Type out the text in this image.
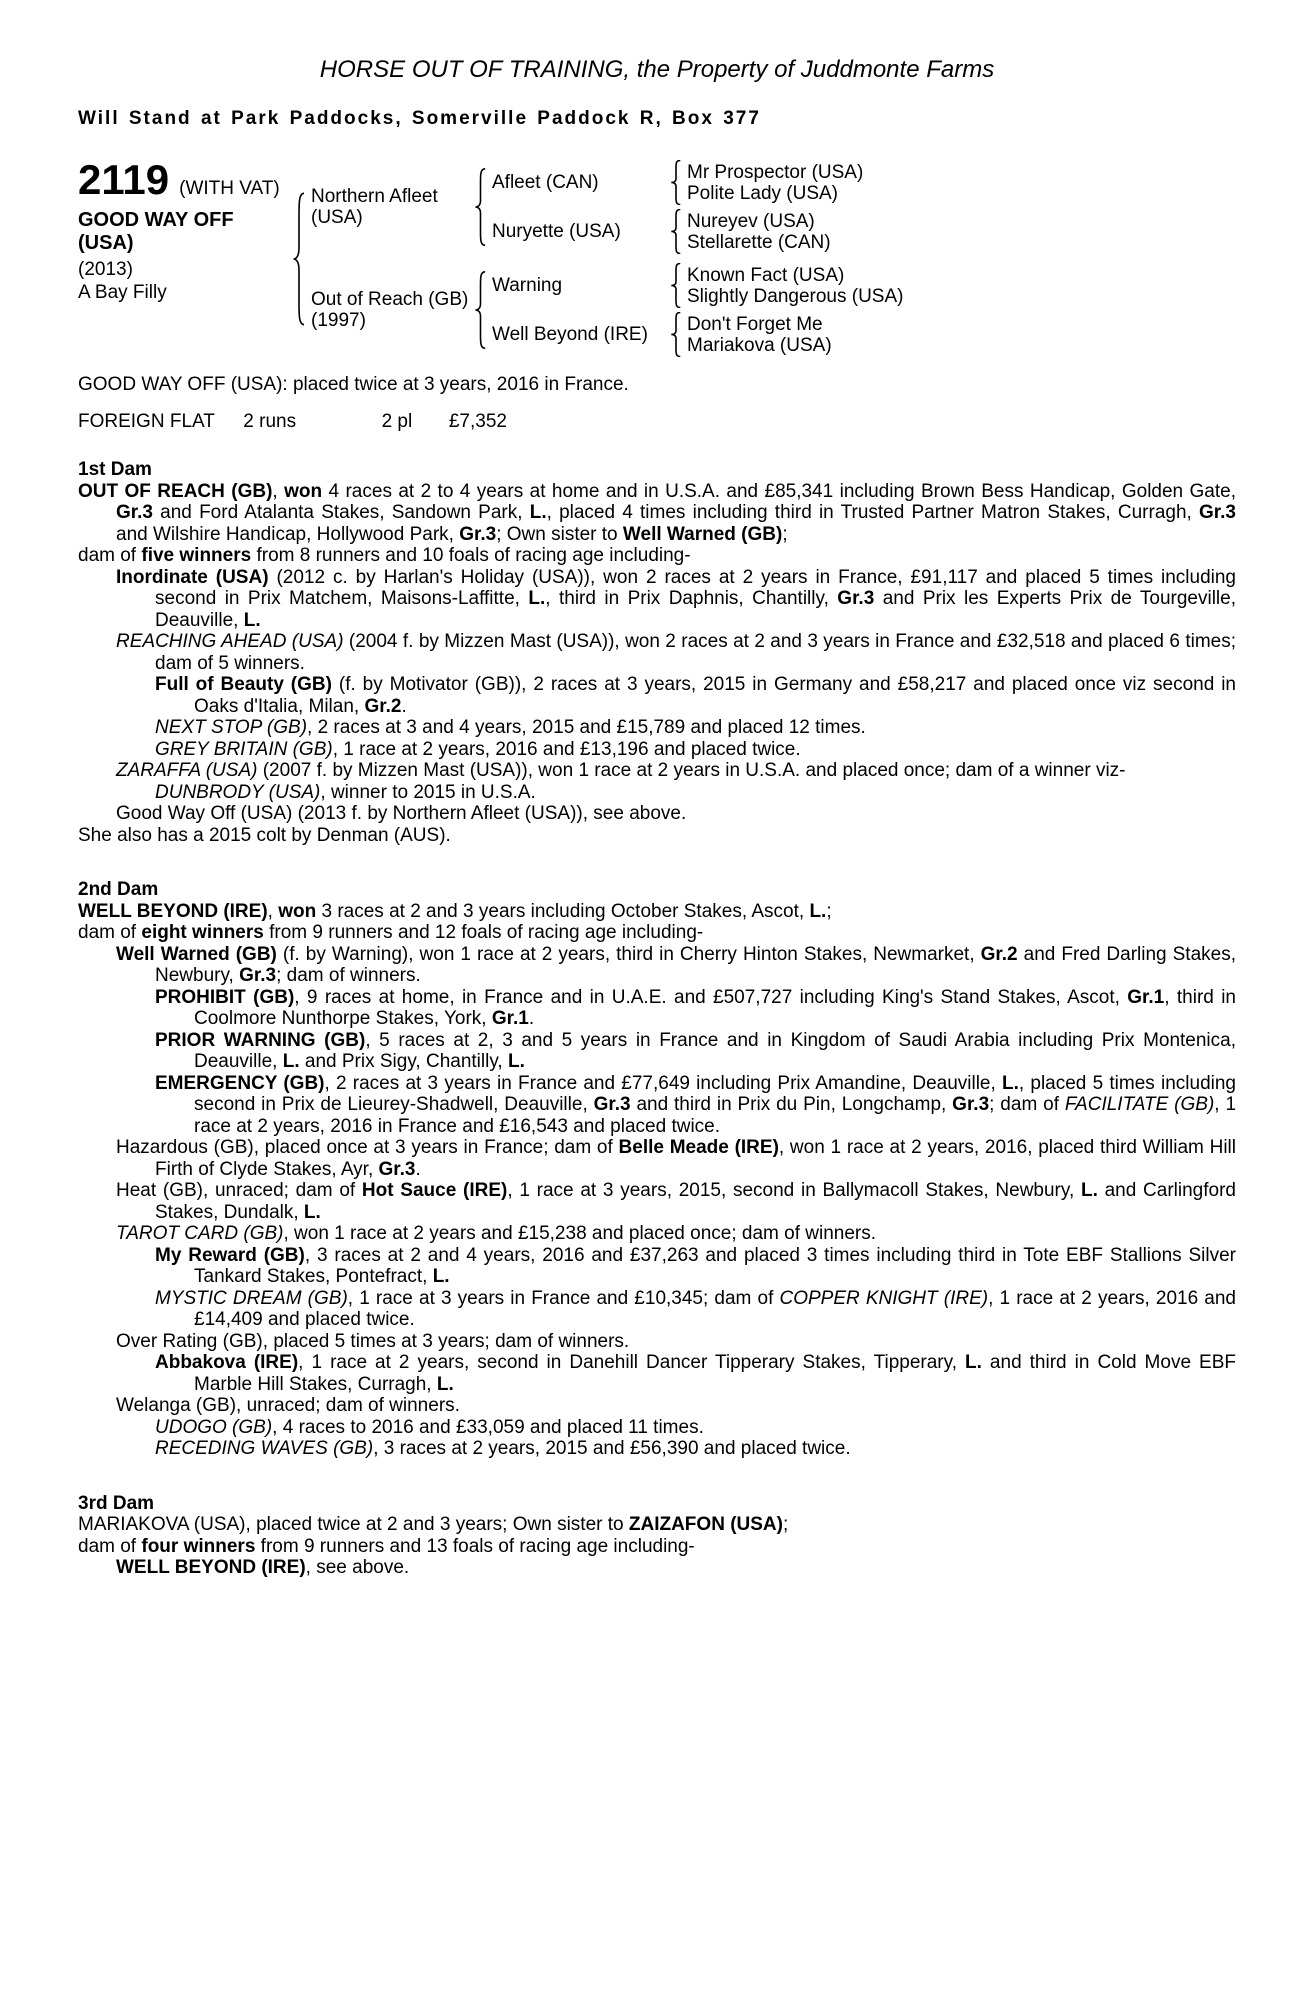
HORSE OUT OF TRAINING, the Property of Juddmonte Farms
Will Stand at Park Paddocks, Somerville Paddock R, Box 377
2119 (WITH VAT)
GOOD WAY OFF
(USA)
(2013)
A Bay Filly
Northern Afleet (USA)
Afleet (CAN)	Mr Prospector (USA)
Polite Lady (USA)
Nuryette (USA)	Nureyev (USA)
Stellarette (CAN)
Out of Reach (GB) (1997)
Warning	Known Fact (USA)
Slightly Dangerous (USA)
Well Beyond (IRE)	Don't Forget Me
Mariakova (USA)
GOOD WAY OFF (USA): placed twice at 3 years, 2016 in France.
FOREIGN FLAT 2 runs	2 pl £7,352
1st Dam

OUT OF REACH (GB), won 4 races at 2 to 4 years at home and in U.S.A. and £85,341 including Brown Bess Handicap, Golden Gate, Gr.3 and Ford Atalanta Stakes, Sandown Park, L., placed 4 times including third in Trusted Partner Matron Stakes, Curragh, Gr.3 and Wilshire Handicap, Hollywood Park, Gr.3; Own sister to Well Warned (GB);

dam of five winners from 8 runners and 10 foals of racing age including-

Inordinate (USA) (2012 c. by Harlan's Holiday (USA)), won 2 races at 2 years in France, £91,117 and placed 5 times including second in Prix Matchem, Maisons-Laffitte, L., third in Prix Daphnis, Chantilly, Gr.3 and Prix les Experts Prix de Tourgeville, Deauville, L.

REACHING AHEAD (USA) (2004 f. by Mizzen Mast (USA)), won 2 races at 2 and 3 years in France and £32,518 and placed 6 times; dam of 5 winners.

Full of Beauty (GB) (f. by Motivator (GB)), 2 races at 3 years, 2015 in Germany and £58,217 and placed once viz second in Oaks d'Italia, Milan, Gr.2.

NEXT STOP (GB), 2 races at 3 and 4 years, 2015 and £15,789 and placed 12 times.

GREY BRITAIN (GB), 1 race at 2 years, 2016 and £13,196 and placed twice.

ZARAFFA (USA) (2007 f. by Mizzen Mast (USA)), won 1 race at 2 years in U.S.A. and placed once; dam of a winner viz-

DUNBRODY (USA), winner to 2015 in U.S.A.

Good Way Off (USA) (2013 f. by Northern Afleet (USA)), see above.

She also has a 2015 colt by Denman (AUS).

2nd Dam

WELL BEYOND (IRE), won 3 races at 2 and 3 years including October Stakes, Ascot, L.;

dam of eight winners from 9 runners and 12 foals of racing age including-

Well Warned (GB) (f. by Warning), won 1 race at 2 years, third in Cherry Hinton Stakes, Newmarket, Gr.2 and Fred Darling Stakes, Newbury, Gr.3; dam of winners.

PROHIBIT (GB), 9 races at home, in France and in U.A.E. and £507,727 including King's Stand Stakes, Ascot, Gr.1, third in Coolmore Nunthorpe Stakes, York, Gr.1.

PRIOR WARNING (GB), 5 races at 2, 3 and 5 years in France and in Kingdom of Saudi Arabia including Prix Montenica, Deauville, L. and Prix Sigy, Chantilly, L.

EMERGENCY (GB), 2 races at 3 years in France and £77,649 including Prix Amandine, Deauville, L., placed 5 times including second in Prix de Lieurey-Shadwell, Deauville, Gr.3 and third in Prix du Pin, Longchamp, Gr.3; dam of FACILITATE (GB), 1 race at 2 years, 2016 in France and £16,543 and placed twice.

Hazardous (GB), placed once at 3 years in France; dam of Belle Meade (IRE), won 1 race at 2 years, 2016, placed third William Hill Firth of Clyde Stakes, Ayr, Gr.3.

Heat (GB), unraced; dam of Hot Sauce (IRE), 1 race at 3 years, 2015, second in Ballymacoll Stakes, Newbury, L. and Carlingford Stakes, Dundalk, L.

TAROT CARD (GB), won 1 race at 2 years and £15,238 and placed once; dam of winners.

My Reward (GB), 3 races at 2 and 4 years, 2016 and £37,263 and placed 3 times including third in Tote EBF Stallions Silver Tankard Stakes, Pontefract, L.

MYSTIC DREAM (GB), 1 race at 3 years in France and £10,345; dam of COPPER KNIGHT (IRE), 1 race at 2 years, 2016 and £14,409 and placed twice.

Over Rating (GB), placed 5 times at 3 years; dam of winners.

Abbakova (IRE), 1 race at 2 years, second in Danehill Dancer Tipperary Stakes, Tipperary, L. and third in Cold Move EBF Marble Hill Stakes, Curragh, L.

Welanga (GB), unraced; dam of winners.

UDOGO (GB), 4 races to 2016 and £33,059 and placed 11 times.

RECEDING WAVES (GB), 3 races at 2 years, 2015 and £56,390 and placed twice.

3rd Dam

MARIAKOVA (USA), placed twice at 2 and 3 years; Own sister to ZAIZAFON (USA);

dam of four winners from 9 runners and 13 foals of racing age including-

WELL BEYOND (IRE), see above.
